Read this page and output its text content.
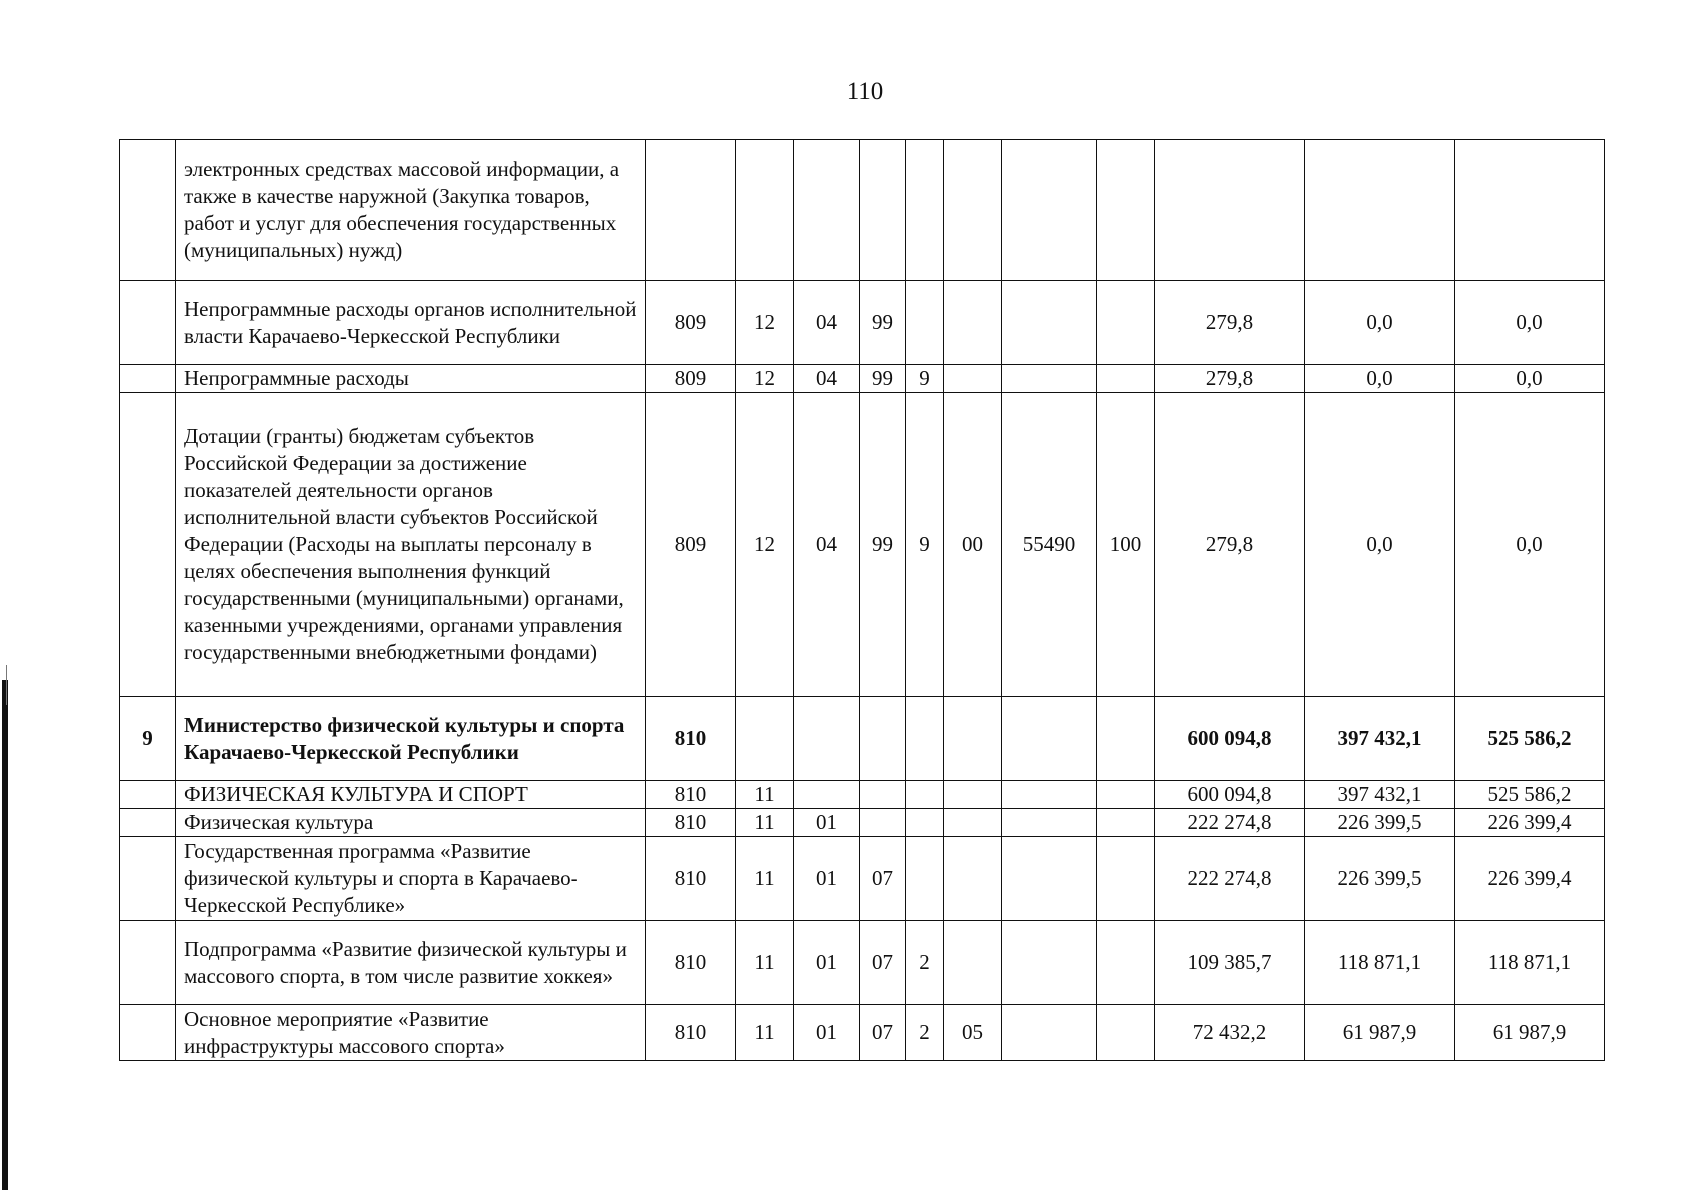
110
	электронных средствах массовой информации, а также в качестве наружной (Закупка товаров, работ и услуг для обеспечения государственных (муниципальных) нужд)											
	Непрограммные расходы органов исполнительной власти Карачаево-Черкесской Республики	809	12	04	99					279,8	0,0	0,0
	Непрограммные расходы	809	12	04	99	9				279,8	0,0	0,0
	Дотации (гранты) бюджетам субъектов Российской Федерации за достижение показателей деятельности органов исполнительной власти субъектов Российской Федерации (Расходы на выплаты персоналу в целях обеспечения выполнения функций государственными (муниципальными) органами, казенными учреждениями, органами управления государственными внебюджетными фондами)	809	12	04	99	9	00	55490	100	279,8	0,0	0,0
9	Министерство физической культуры и спорта Карачаево-Черкесской Республики	810								600 094,8	397 432,1	525 586,2
	ФИЗИЧЕСКАЯ КУЛЬТУРА И СПОРТ	810	11							600 094,8	397 432,1	525 586,2
	Физическая культура	810	11	01						222 274,8	226 399,5	226 399,4
	Государственная программа «Развитие физической культуры и спорта в Карачаево-Черкесской Республике»	810	11	01	07					222 274,8	226 399,5	226 399,4
	Подпрограмма «Развитие физической культуры и массового спорта, в том числе развитие хоккея»	810	11	01	07	2				109 385,7	118 871,1	118 871,1
	Основное мероприятие «Развитие инфраструктуры массового спорта»	810	11	01	07	2	05			72 432,2	61 987,9	61 987,9
